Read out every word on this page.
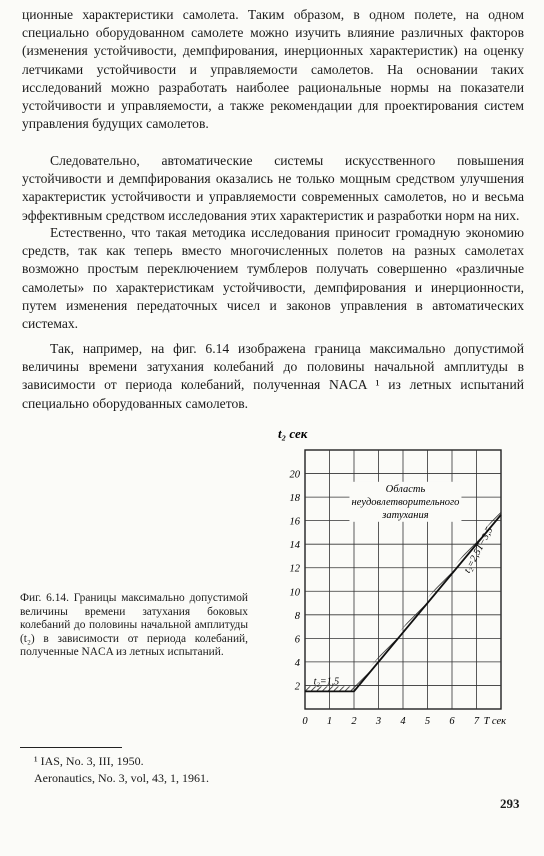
ционные характеристики самолета. Таким образом, в одном полете, на одном специально оборудованном самолете можно изучить влияние различных факторов (изменения устойчивости, демпфирования, инерционных характеристик) на оценку летчиками устойчивости и управляемости самолетов. На основании таких исследований можно разработать наиболее рациональные нормы на показатели устойчивости и управляемости, а также рекомендации для проектирования систем управления будущих самолетов.

Следовательно, автоматические системы искусственного повышения устойчивости и демпфирования оказались не только мощным средством улучшения характеристик устойчивости и управляемости современных самолетов, но и весьма эффективным средством исследования этих характеристик и разработки норм на них.

Естественно, что такая методика исследования приносит громадную экономию средств, так как теперь вместо многочисленных полетов на разных самолетах возможно простым переключением тумблеров получать совершенно «различные самолеты» по характеристикам устойчивости, демпфирования и инерционности, путем изменения передаточных чисел и законов управления в автоматических системах.

Так, например, на фиг. 6.14 изображена граница максимально допустимой величины времени затухания колебаний до половины начальной амплитуды в зависимости от периода колебаний, полученная NACA ¹ из летных испытаний специально оборудованных самолетов.

Область
неудовлетворительного
затухания
t₂=1,5
t₂=2,5T−3,5
0 1 2 3 4 5 6 7
2
4
6
8
10
12
14
16
18
20
t₂ сек
T сек

Фиг. 6.14. Границы максимально допустимой величины времени затухания боковых колебаний до половины начальной амплитуды (t₂) в зависимости от периода колебаний, полученные NACA из летных испытаний.

¹ IAS, No. 3, III, 1950.

Aeronautics, No. 3, vol, 43, 1, 1961.

293
